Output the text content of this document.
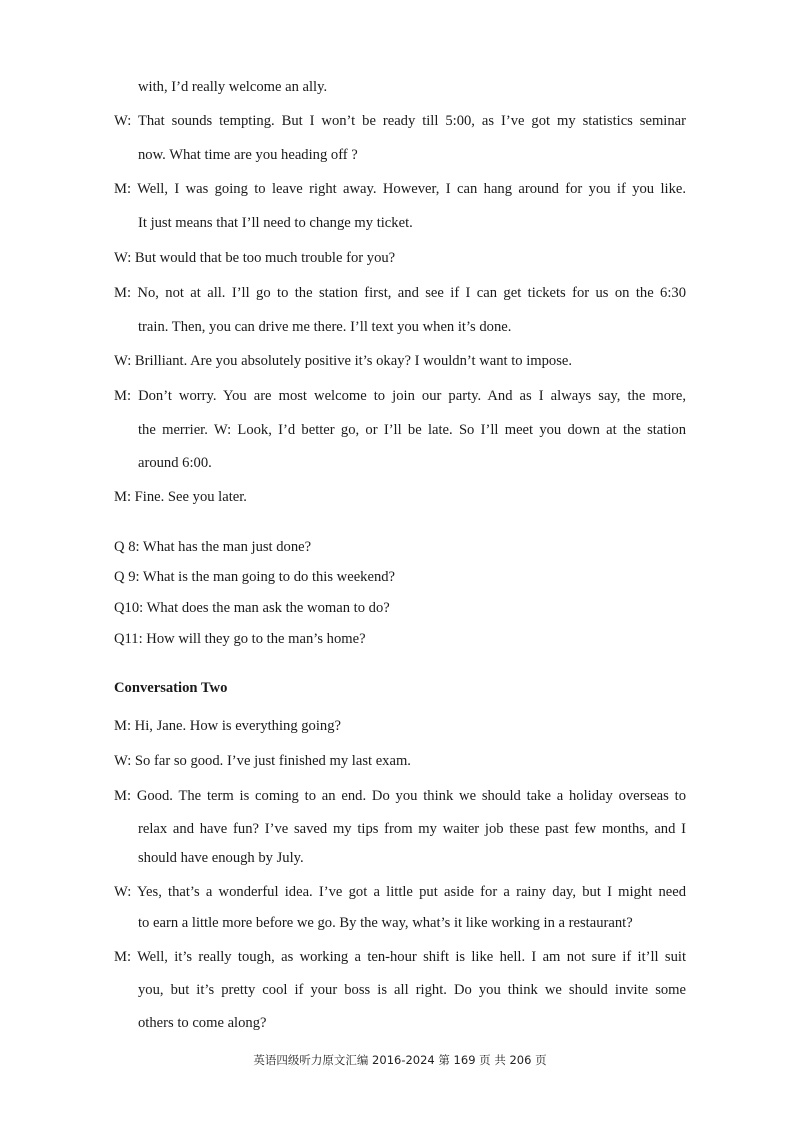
with, I’d really welcome an ally.
W: That sounds tempting. But I won’t be ready till 5:00, as I’ve got my statistics seminar
now. What time are you heading off ?
M: Well, I was going to leave right away. However, I can hang around for you if you like.
It just means that I’ll need to change my ticket.
W: But would that be too much trouble for you?
M: No, not at all. I’ll go to the station first, and see if I can get tickets for us on the 6:30
train. Then, you can drive me there. I’ll text you when it’s done.
W: Brilliant. Are you absolutely positive it’s okay? I wouldn’t want to impose.
M: Don’t worry. You are most welcome to join our party. And as I always say, the more,
the merrier. W: Look, I’d better go, or I’ll be late. So I’ll meet you down at the station
around 6:00.
M: Fine. See you later.
Q 8: What has the man just done?
Q 9: What is the man going to do this weekend?
Q10: What does the man ask the woman to do?
Q11: How will they go to the man’s home?
Conversation Two
M: Hi, Jane. How is everything going?
W: So far so good. I’ve just finished my last exam.
M: Good. The term is coming to an end. Do you think we should take a holiday overseas to
relax and have fun? I’ve saved my tips from my waiter job these past few months, and I
should have enough by July.
W: Yes, that’s a wonderful idea. I’ve got a little put aside for a rainy day, but I might need
to earn a little more before we go. By the way, what’s it like working in a restaurant?
M: Well, it’s really tough, as working a ten-hour shift is like hell. I am not sure if it’ll suit
you, but it’s pretty cool if your boss is all right. Do you think we should invite some
others to come along?
英语四级听力原文汇编 2016-2024 第 169 页 共 206 页
